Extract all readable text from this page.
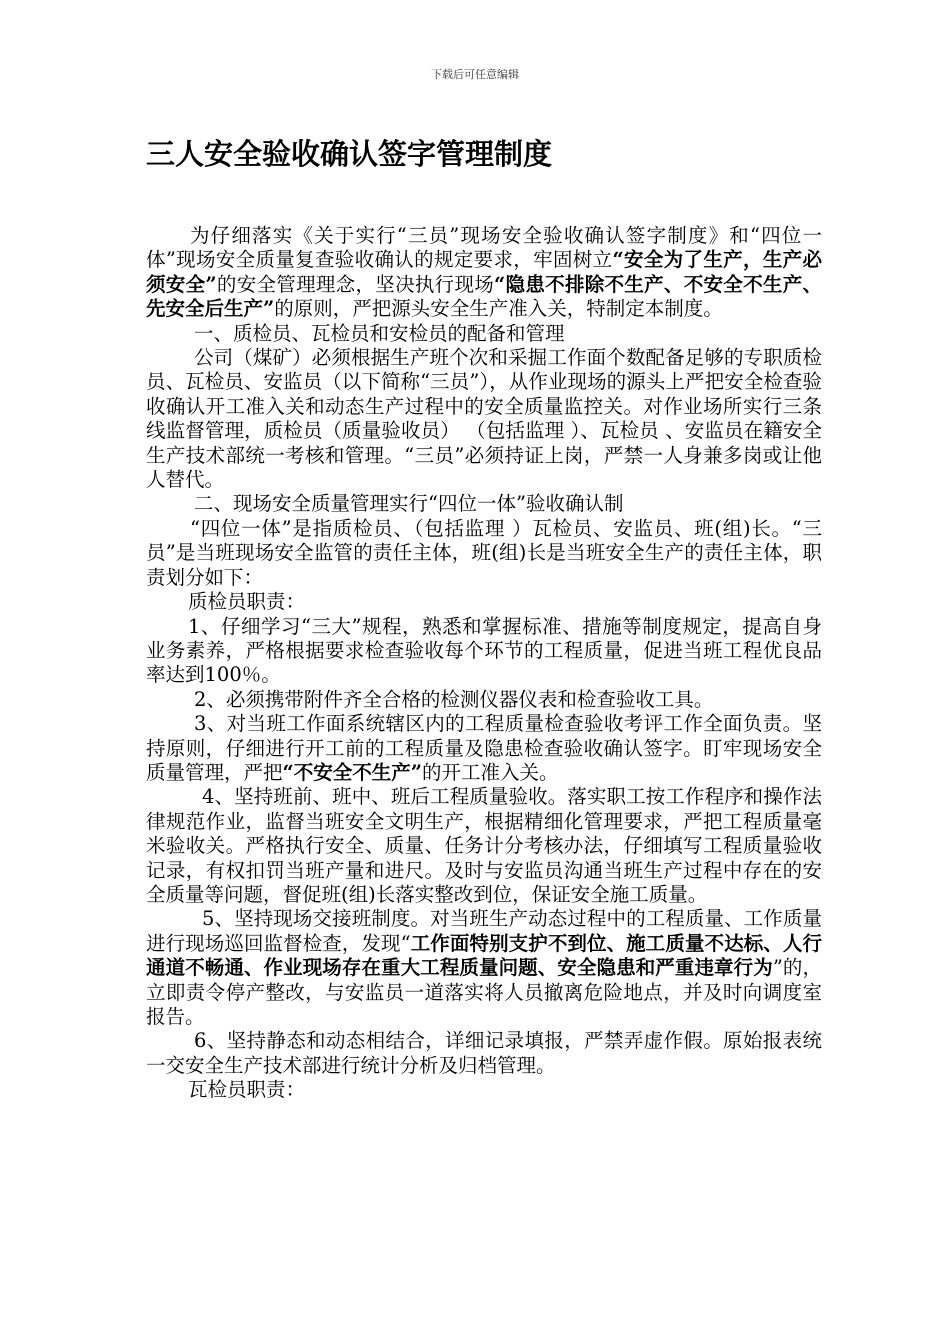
下载后可任意编辑
三人安全验收确认签字管理制度

为仔细落实《关于实行“三员”现场安全验收确认签字制度》和“四位一体”现场安全质量复查验收确认的规定要求，牢固树立“安全为了生产，生产必须安全”的安全管理理念，坚决执行现场“隐患不排除不生产、不安全不生产、先安全后生产”的原则，严把源头安全生产准入关，特制定本制度。

一、质检员、瓦检员和安检员的配备和管理

公司（煤矿）必须根据生产班个次和采掘工作面个数配备足够的专职质检员、瓦检员、安监员（以下简称“三员”），从作业现场的源头上严把安全检查验收确认开工准入关和动态生产过程中的安全质量监控关。对作业场所实行三条线监督管理，质检员（质量验收员） （包括监理 ）、瓦检员 、安监员在籍安全生产技术部统一考核和管理。“三员”必须持证上岗，严禁一人身兼多岗或让他人替代。

二、现场安全质量管理实行“四位一体”验收确认制

“四位一体”是指质检员、（包括监理 ）瓦检员、安监员、班(组)长。“三员”是当班现场安全监管的责任主体，班(组)长是当班安全生产的责任主体，职责划分如下：

质检员职责：

1、仔细学习“三大”规程，熟悉和掌握标准、措施等制度规定，提高自身业务素养，严格根据要求检查验收每个环节的工程质量，促进当班工程优良品率达到100％。

2、必须携带附件齐全合格的检测仪器仪表和检查验收工具。

3、对当班工作面系统辖区内的工程质量检查验收考评工作全面负责。坚持原则，仔细进行开工前的工程质量及隐患检查验收确认签字。盯牢现场安全质量管理，严把“不安全不生产”的开工准入关。

4、坚持班前、班中、班后工程质量验收。落实职工按工作程序和操作法律规范作业，监督当班安全文明生产，根据精细化管理要求，严把工程质量毫米验收关。严格执行安全、质量、任务计分考核办法，仔细填写工程质量验收记录，有权扣罚当班产量和进尺。及时与安监员沟通当班生产过程中存在的安全质量等问题，督促班(组)长落实整改到位，保证安全施工质量。

5、坚持现场交接班制度。对当班生产动态过程中的工程质量、工作质量进行现场巡回监督检查，发现“工作面特别支护不到位、施工质量不达标、人行通道不畅通、作业现场存在重大工程质量问题、安全隐患和严重违章行为”的，立即责令停产整改，与安监员一道落实将人员撤离危险地点，并及时向调度室报告。

6、坚持静态和动态相结合，详细记录填报，严禁弄虚作假。原始报表统一交安全生产技术部进行统计分析及归档管理。

瓦检员职责：
